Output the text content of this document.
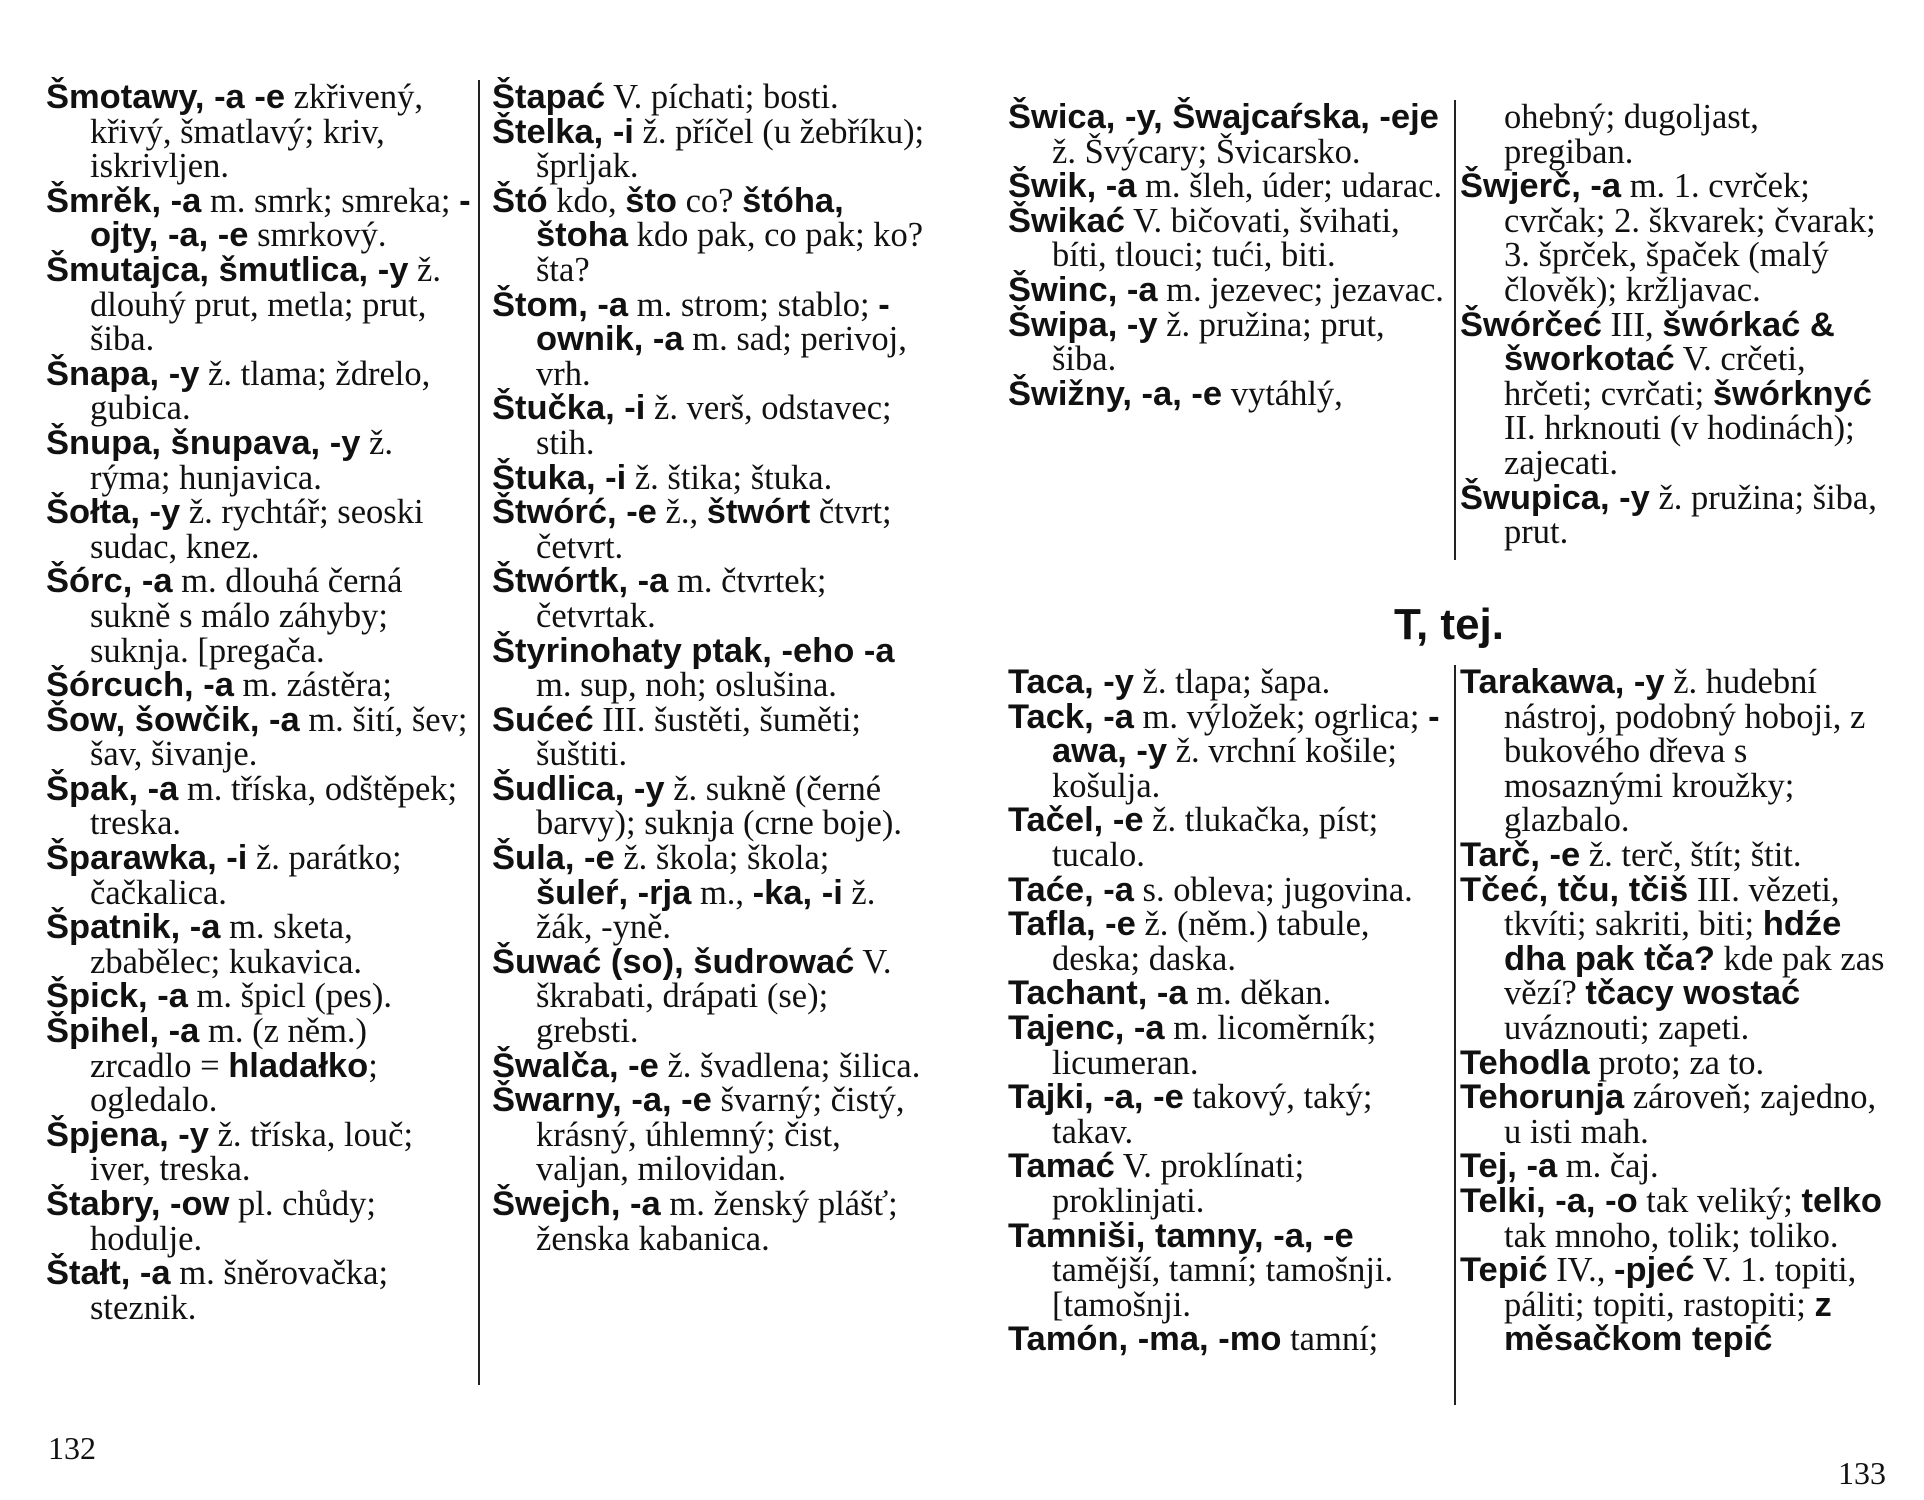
Šmotawy, -a -e zkřivený, křivý, šmatlavý; kriv, iskrivljen.

Šmrěk, -a m. smrk; smreka; -ojty, -a, -e smrkový.

Šmutajca, šmutlica, -y ž. dlouhý prut, metla; prut, šiba.

Šnapa, -y ž. tlama; ždrelo, gubica.

Šnupa, šnupava, -y ž. rýma; hunjavica.

Šołta, -y ž. rychtář; seoski sudac, knez.

Šórc, -a m. dlouhá černá sukně s málo záhyby; suknja. [pregača.

Šórcuch, -a m. zástěra;

Šow, šowčik, -a m. šití, šev; šav, šivanje.

Špak, -a m. tříska, odštěpek; treska.

Šparawka, -i ž. parátko; čačkalica.

Špatnik, -a m. sketa, zbabělec; kukavica.

Špick, -a m. špicl (pes).

Špihel, -a m. (z něm.) zrcadlo = hladałko; ogledalo.

Špjena, -y ž. tříska, louč; iver, treska.

Štabry, -ow pl. chůdy; hodulje.

Štałt, -a m. šněrovačka; steznik.

Štapać V. píchati; bosti.

Štelka, -i ž. příčel (u žebříku); šprljak.

Štó kdo, što co? štóha, štoha kdo pak, co pak; ko? šta?

Štom, -a m. strom; stablo; -ownik, -a m. sad; perivoj, vrh.

Štučka, -i ž. verš, odstavec; stih.

Štuka, -i ž. štika; štuka.

Štwórć, -e ž., štwórt čtvrt; četvrt.

Štwórtk, -a m. čtvrtek; četvrtak.

Štyrinohaty ptak, -eho -a m. sup, noh; oslušina.

Sućeć III. šustěti, šuměti; šuštiti.

Šudlica, -y ž. sukně (černé barvy); suknja (crne boje).

Šula, -e ž. škola; škola; šuleŕ, -rja m., -ka, -i ž. žák, -yně.

Šuwać (so), šudrować V. škrabati, drápati (se); grebsti.

Šwalča, -e ž. švadlena; šilica.

Šwarny, -a, -e švarný; čistý, krásný, úhlemný; čist, valjan, milovidan.

Šwejch, -a m. ženský plášť; ženska kabanica.

Šwica, -y, Šwajcaŕska, -eje ž. Švýcary; Švicarsko.

Šwik, -a m. šleh, úder; udarac.

Šwikać V. bičovati, švihati, bíti, tlouci; tući, biti.

Šwinc, -a m. jezevec; jezavac.

Šwipa, -y ž. pružina; prut, šiba.

Šwižny, -a, -e vytáhlý,

ohebný; dugoljast, pregiban.

Šwjerč, -a m. 1. cvrček; cvrčak; 2. škvarek; čvarak; 3. šprček, špaček (malý člověk); kržljavac.

Šwórčeć III, šwórkać & šworkotać V. crčeti, hrčeti; cvrčati; šwórknyć II. hrknouti (v hodinách); zajecati.

Šwupica, -y ž. pružina; šiba, prut.

T, tej.

Taca, -y ž. tlapa; šapa.

Tack, -a m. výložek; ogrlica; -awa, -y ž. vrchní košile; košulja.

Tačel, -e ž. tlukačka, píst; tucalo.

Taće, -a s. obleva; jugovina.

Tafla, -e ž. (něm.) tabule, deska; daska.

Tachant, -a m. děkan.

Tajenc, -a m. licoměrník; licumeran.

Tajki, -a, -e takový, taký; takav.

Tamać V. proklínati; proklinjati.

Tamniši, tamny, -a, -e tamější, tamní; tamošnji. [tamošnji.

Tamón, -ma, -mo tamní;

Tarakawa, -y ž. hudební nástroj, podobný hoboji, z bukového dřeva s mosaznými kroužky; glazbalo.

Tarč, -e ž. terč, štít; štit.

Tčeć, tču, tčiš III. vězeti, tkvíti; sakriti, biti; hdźe dha pak tča? kde pak zas vězí? tčacy wostać uváznouti; zapeti.

Tehodla proto; za to.

Tehorunja zároveň; zajedno, u isti mah.

Tej, -a m. čaj.

Telki, -a, -o tak veliký; telko tak mnoho, tolik; toliko.

Tepić IV., -pjeć V. 1. topiti, páliti; topiti, rastopiti; z měsačkom tepić

132
133
